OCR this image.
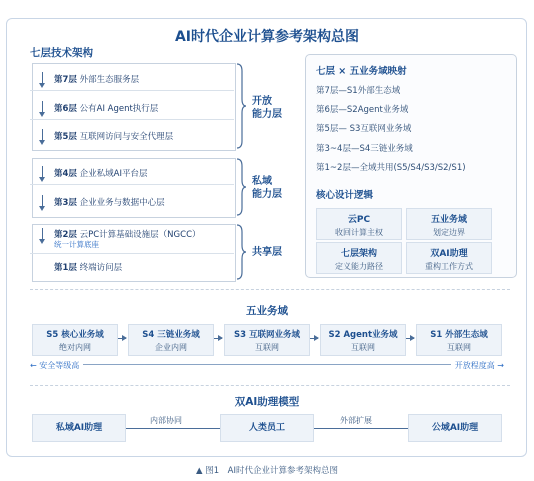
AI时代企业计算参考架构总图
七层技术架构
第7层 外部生态服务层
第6层 公有AI Agent执行层
第5层 互联网访问与安全代理层
第4层 企业私域AI平台层
第3层 企业业务与数据中心层
第2层 云PC计算基础设施层（NGCC）
统一计算底座
第1层 终端访问层
开放
能力层
私域
能力层
共享层
七层 × 五业务域映射
第7层—S1外部生态域
第6层—S2Agent业务域
第5层— S3互联网业务域
第3~4层—S4三链业务域
第1~2层—全域共用(S5/S4/S3/S2/S1)
核心设计逻辑
云PC
收回计算主权
五业务域
划定边界
七层架构
定义能力路径
双AI助理
重构工作方式
五业务域
S5 核心业务域
绝对内网
S4 三链业务域
企业内网
S3 互联网业务域
互联网
S2 Agent业务域
互联网
S1 外部生态域
互联网
← 安全等级高	开放程度高 →
双AI助理模型
内部协同	外部扩展
私域AI助理	人类员工	公域AI助理
▲ 图1　AI时代企业计算参考架构总图
